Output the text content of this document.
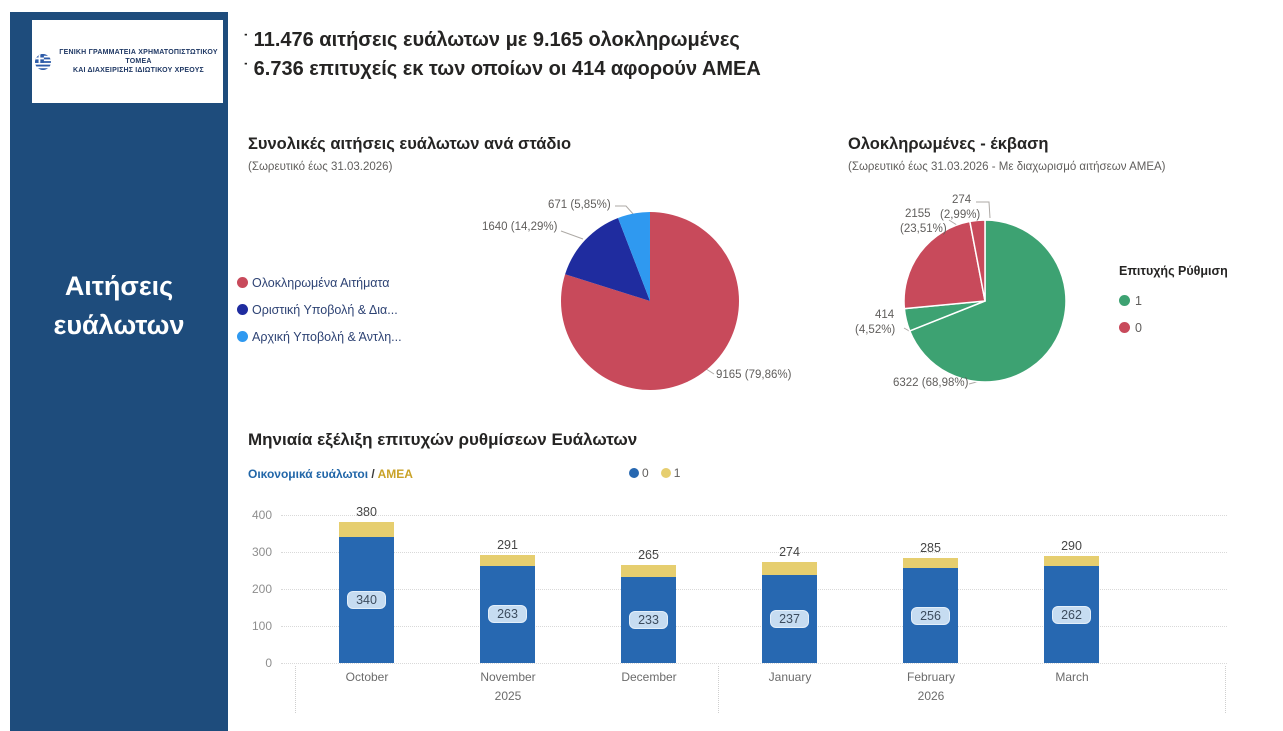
ΓΕΝΙΚΗ ΓΡΑΜΜΑΤΕΙΑ ΧΡΗΜΑΤΟΠΙΣΤΩΤΙΚΟΥ ΤΟΜΕΑ
ΚΑΙ ΔΙΑΧΕΙΡΙΣΗΣ ΙΔΙΩΤΙΚΟΥ ΧΡΕΟΥΣ
Αιτήσεις ευάλωτων
˙ 11.476 αιτήσεις ευάλωτων με 9.165 ολοκληρωμένες
˙ 6.736 επιτυχείς εκ των οποίων οι 414 αφορούν ΑΜΕΑ
Συνολικές αιτήσεις ευάλωτων ανά στάδιο
(Σωρευτικό έως 31.03.2026)
Ολοκληρωμένα Αιτήματα
Οριστική Υποβολή & Δια...
Αρχική Υποβολή & Άντλη...
671 (5,85%)
1640 (14,29%)
9165 (79,86%)
Ολοκληρωμένες - έκβαση
(Σωρευτικό έως 31.03.2026 - Με διαχωρισμό αιτήσεων ΑΜΕΑ)
274
(2,99%)
2155
(23,51%)
414
(4,52%)
6322 (68,98%)
Επιτυχής Ρύθμιση
1
0
Μηνιαία εξέλιξη επιτυχών ρυθμίσεων Ευάλωτων
Οικονομικά ευάλωτοι / ΑΜΕΑ	0 1
400
300
200
100
0
380
340
291
263
265
233
274
237
285
256
290
262
October	November	December	January	February	March
2025	2026
